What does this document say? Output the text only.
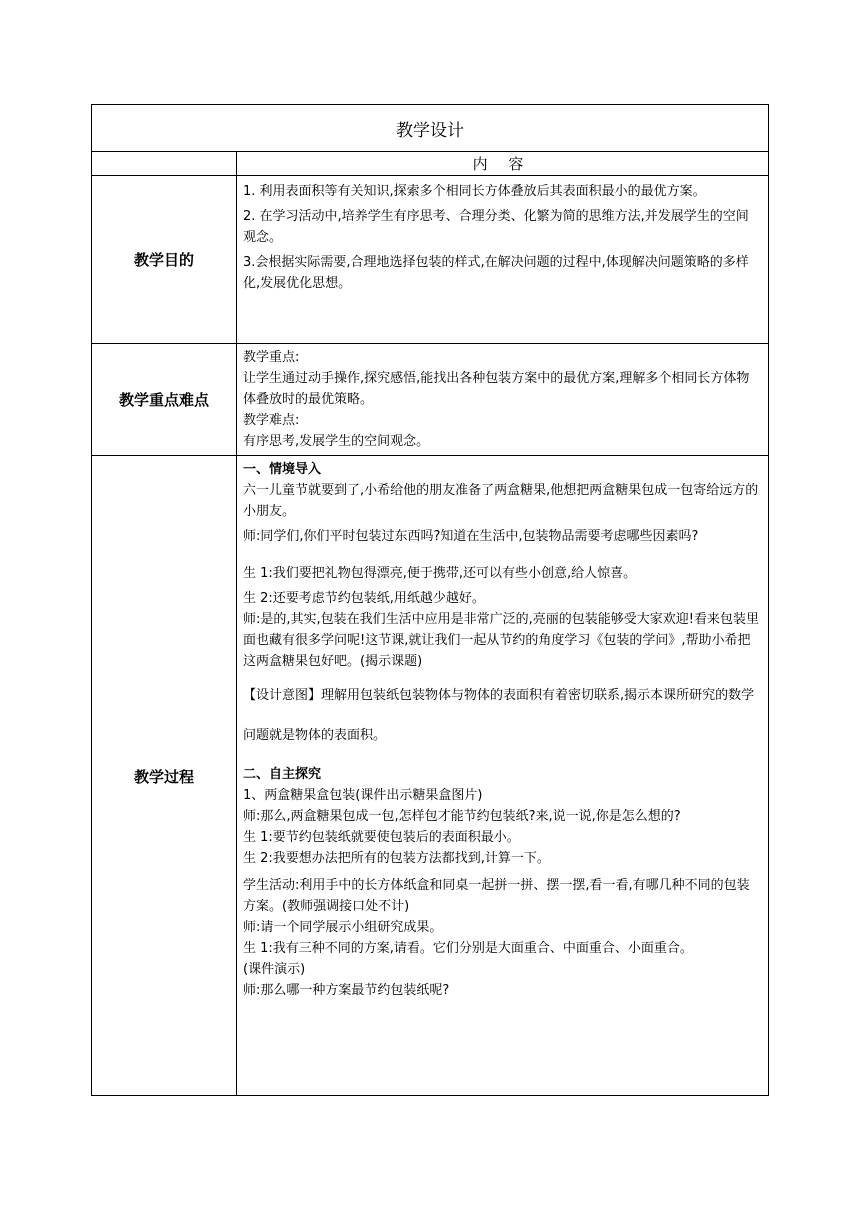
教学设计
内 容
教学目的

1. 利用表面积等有关知识,探索多个相同长方体叠放后其表面积最小的最优方案。

2. 在学习活动中,培养学生有序思考、合理分类、化繁为简的思维方法,并发展学生的空间观念。

3.会根据实际需要,合理地选择包装的样式,在解决问题的过程中,体现解决问题策略的多样化,发展优化思想。

教学重点难点

教学重点:

让学生通过动手操作,探究感悟,能找出各种包装方案中的最优方案,理解多个相同长方体物体叠放时的最优策略。

教学难点:

有序思考,发展学生的空间观念。

教学过程

一、情境导入

六一儿童节就要到了,小希给他的朋友准备了两盒糖果,他想把两盒糖果包成一包寄给远方的小朋友。

师:同学们,你们平时包装过东西吗?知道在生活中,包装物品需要考虑哪些因素吗?

生 1:我们要把礼物包得漂亮,便于携带,还可以有些小创意,给人惊喜。

生 2:还要考虑节约包装纸,用纸越少越好。

师:是的,其实,包装在我们生活中应用是非常广泛的,亮丽的包装能够受大家欢迎!看来包装里面也藏有很多学问呢!这节课,就让我们一起从节约的角度学习《包装的学问》,帮助小希把这两盒糖果包好吧。(揭示课题)

【设计意图】理解用包装纸包装物体与物体的表面积有着密切联系,揭示本课所研究的数学问题就是物体的表面积。

二、自主探究

1、两盒糖果盒包装(课件出示糖果盒图片)

师:那么,两盒糖果包成一包,怎样包才能节约包装纸?来,说一说,你是怎么想的?

生 1:要节约包装纸就要使包装后的表面积最小。

生 2:我要想办法把所有的包装方法都找到,计算一下。

学生活动:利用手中的长方体纸盒和同桌一起拼一拼、摆一摆,看一看,有哪几种不同的包装方案。(教师强调接口处不计)

师:请一个同学展示小组研究成果。

生 1:我有三种不同的方案,请看。它们分别是大面重合、中面重合、小面重合。

(课件演示)

师:那么哪一种方案最节约包装纸呢?
